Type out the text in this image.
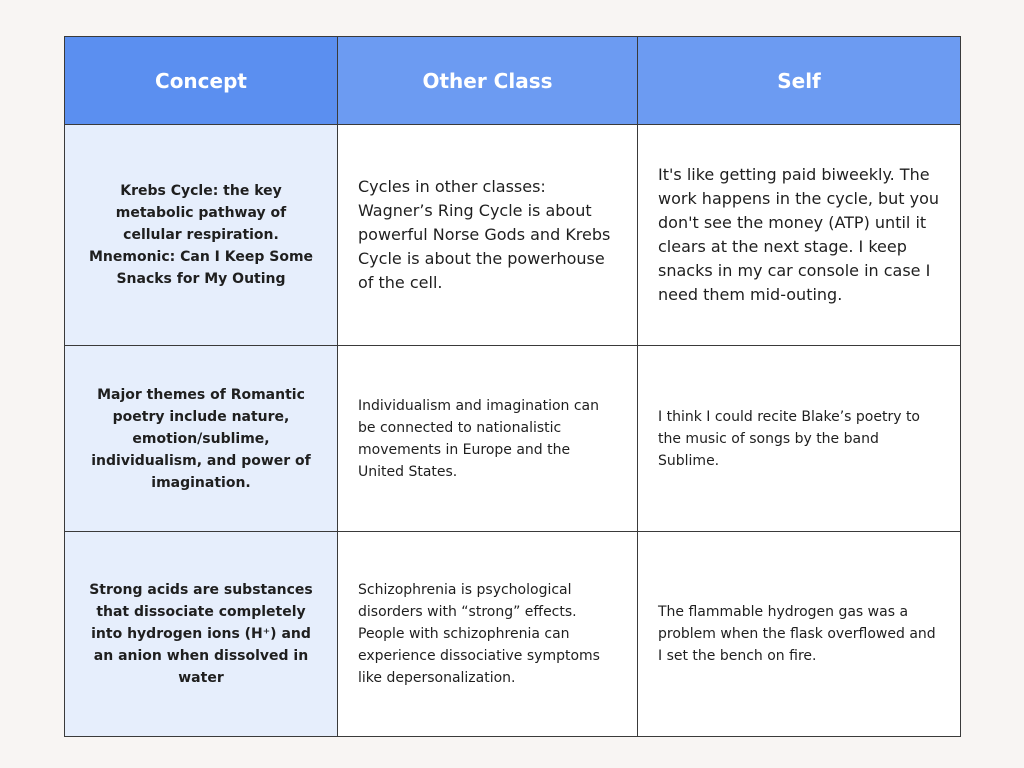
Concept	Other Class	Self

Krebs Cycle: the key metabolic pathway of cellular respiration. Mnemonic: Can I Keep Some Snacks for My Outing	Cycles in other classes: Wagner’s Ring Cycle is about powerful Norse Gods and Krebs Cycle is about the powerhouse of the cell.	It's like getting paid biweekly. The work happens in the cycle, but you don't see the money (ATP) until it clears at the next stage. I keep snacks in my car console in case I need them mid-outing.

Major themes of Romantic poetry include nature, emotion/sublime, individualism, and power of imagination.	Individualism and imagination can be connected to nationalistic movements in Europe and the United States.	I think I could recite Blake’s poetry to the music of songs by the band Sublime.

Strong acids are substances that dissociate completely into hydrogen ions (H⁺) and an anion when dissolved in water	Schizophrenia is psychological disorders with “strong” effects. People with schizophrenia can experience dissociative symptoms like depersonalization.	The flammable hydrogen gas was a problem when the flask overflowed and I set the bench on fire.
